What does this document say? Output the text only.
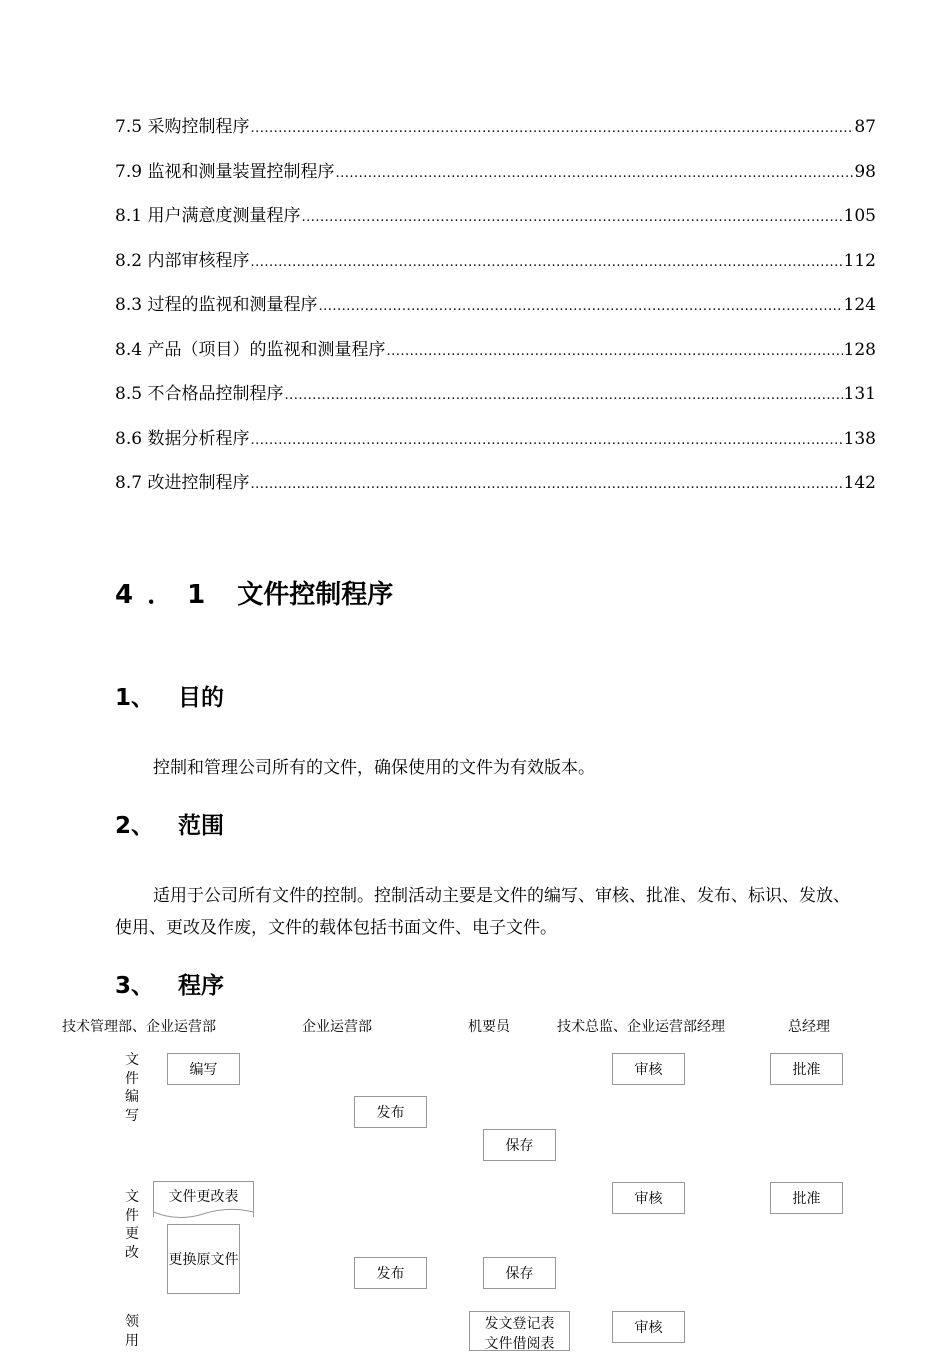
7.5 采购控制程序 .....	87
7.9 监视和测量装置控制程序 .....	98
8.1 用户满意度测量程序 .....	105
8.2 内部审核程序 .....	112
8.3 过程的监视和测量程序 .....	124
8.4 产品（项目）的监视和测量程序 .....	128
8.5 不合格品控制程序 .....	131
8.6 数据分析程序 .....	138
8.7 改进控制程序 .....	142
4．1 文件控制程序
1、 目的
控制和管理公司所有的文件，确保使用的文件为有效版本。
2、 范围
适用于公司所有文件的控制。控制活动主要是文件的编写、审核、批准、发布、标识、发放、使用、更改及作废，文件的载体包括书面文件、电子文件。
3、 程序
技术管理部、企业运营部	企业运营部	机要员	技术总监、企业运营部经理	总经理
文
件
编
写
文
件
更
改
领
用
编写	审核	批准
发布
保存
文件更改表	审核	批准
更换原文件
发布	保存
发文登记表
文件借阅表
审核
